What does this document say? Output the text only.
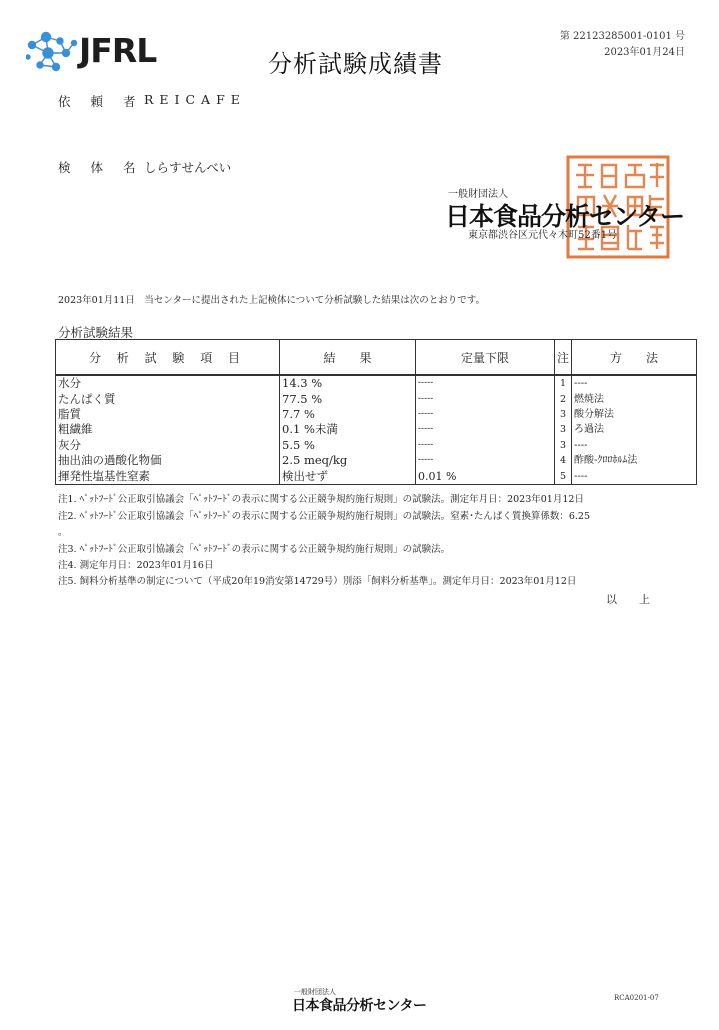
JFRL	第 22123285001-0101 号
2023年01月24日
分析試験成績書
依 頼 者 REICAFE
検 体 名 しらすせんべい
一般財団法人
日本食品分析センター
東京都渋谷区元代々木町52番1号
2023年01月11日　当センターに提出された上記検体について分析試験した結果は次のとおりです。
分析試験結果
分 析 試 験 項 目	結　　果	定量下限	注	方　　法
水分	14.3 %	-----	1	----
たんぱく質	77.5 %	-----	2	燃焼法
脂質	7.7 %	-----	3	酸分解法
粗繊維	0.1 %未満	-----	3	ろ過法
灰分	5.5 %	-----	3	----
抽出油の過酸化物価	2.5 meq/kg	-----	4	酢酸-ｸﾛﾛﾎﾙﾑ法
揮発性塩基性窒素	検出せず	0.01 %	5	----
注1. ﾍﾟｯﾄﾌｰﾄﾞ公正取引協議会「ﾍﾟｯﾄﾌｰﾄﾞの表示に関する公正競争規約施行規則」の試験法。測定年月日：2023年01月12日
注2. ﾍﾟｯﾄﾌｰﾄﾞ公正取引協議会「ﾍﾟｯﾄﾌｰﾄﾞの表示に関する公正競争規約施行規則」の試験法。窒素･たんぱく質換算係数：6.25
。
注3. ﾍﾟｯﾄﾌｰﾄﾞ公正取引協議会「ﾍﾟｯﾄﾌｰﾄﾞの表示に関する公正競争規約施行規則」の試験法。
注4. 測定年月日：2023年01月16日
注5. 飼料分析基準の制定について（平成20年19消安第14729号）別添「飼料分析基準」。測定年月日：2023年01月12日
以上
一般財団法人
日本食品分析センター	RCA0201-07
